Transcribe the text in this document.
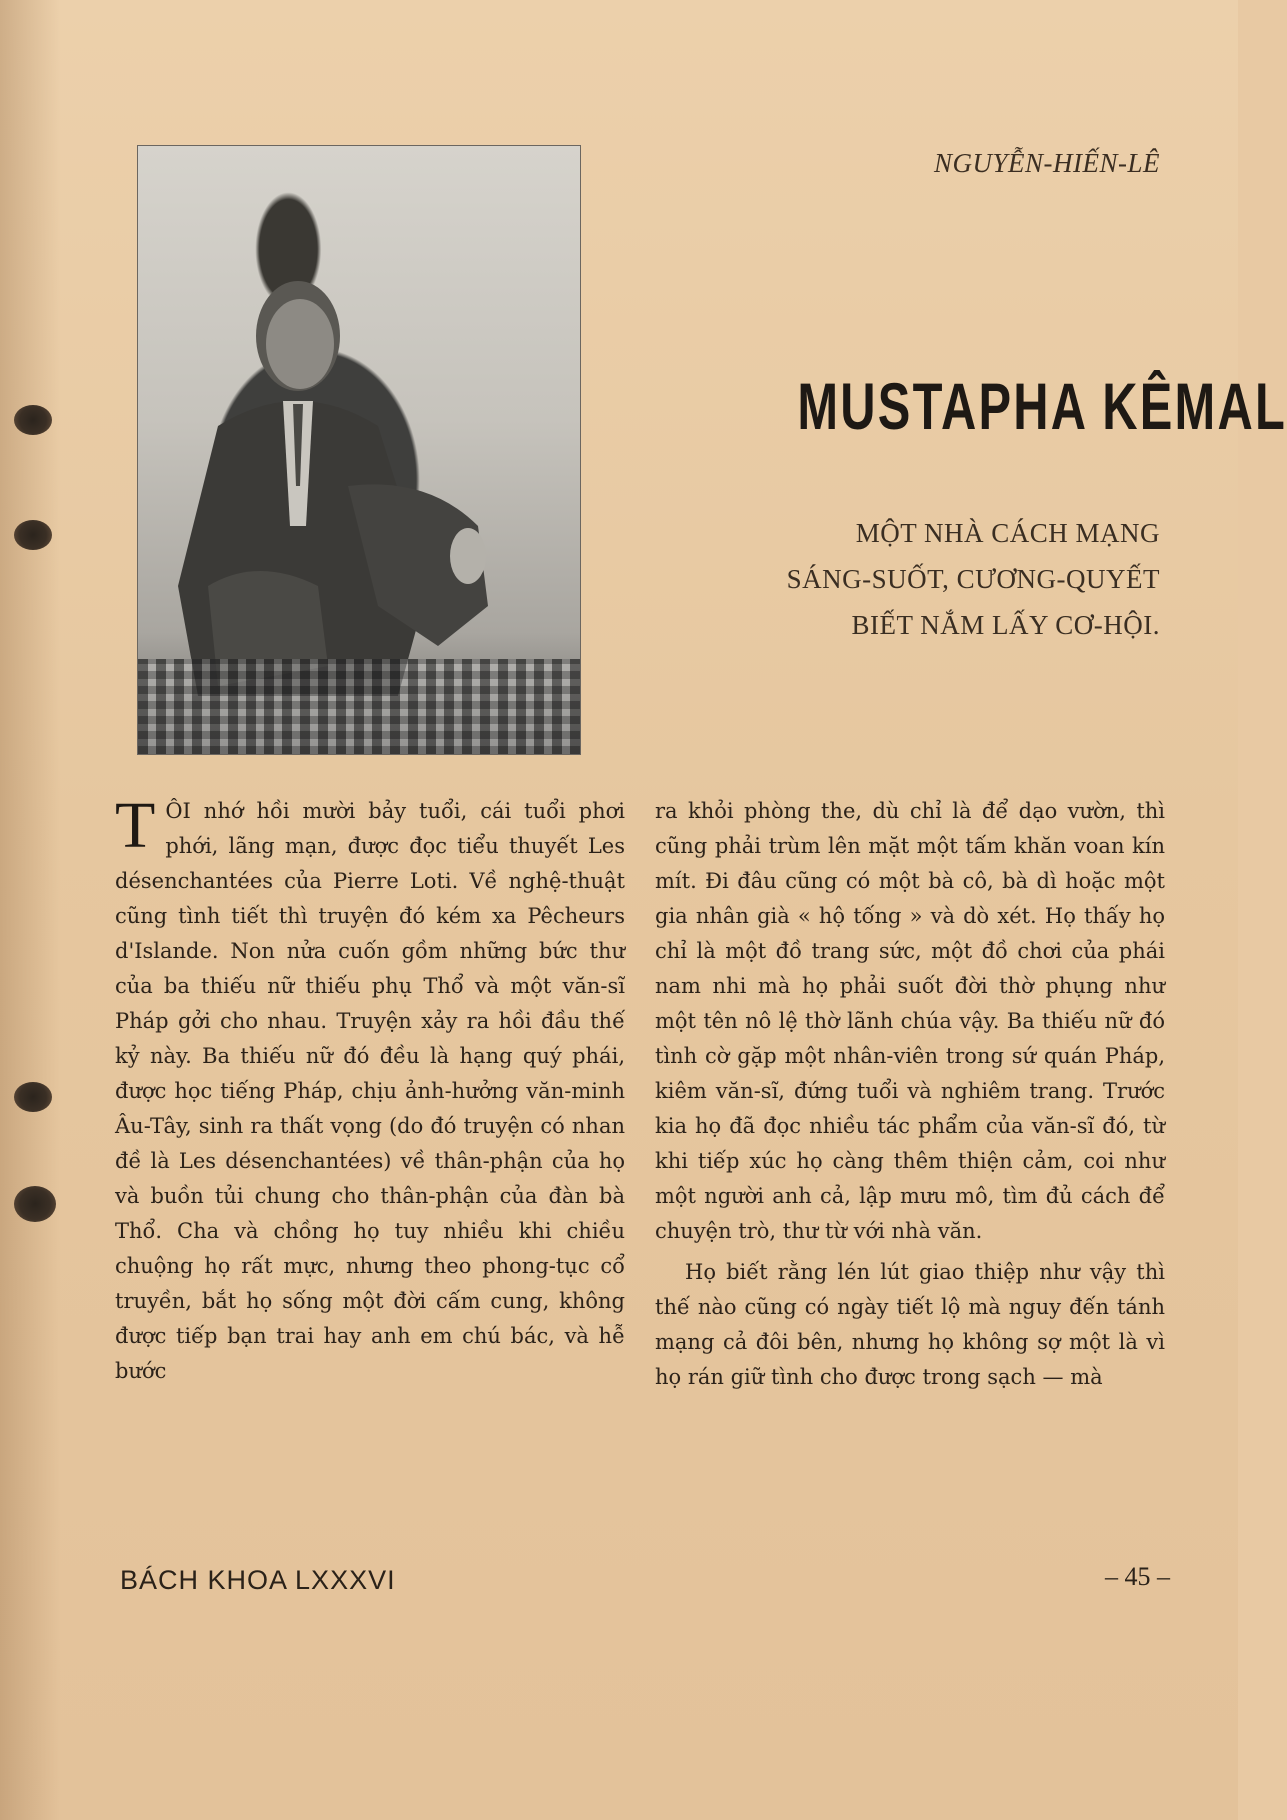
NGUYỄN-HIẾN-LÊ
MUSTAPHA KÊMAL
MỘT NHÀ CÁCH MẠNG
SÁNG-SUỐT, CƯƠNG-QUYẾT
BIẾT NẮM LẤY CƠ-HỘI.
T ÔI nhớ hồi mười bảy tuổi, cái tuổi phơi phới, lãng mạn, được đọc tiểu thuyết Les désenchantées của Pierre Loti. Về nghệ-thuật cũng tình tiết thì truyện đó kém xa Pêcheurs d'Islande. Non nửa cuốn gồm những bức thư của ba thiếu nữ thiếu phụ Thổ và một văn-sĩ Pháp gởi cho nhau. Truyện xảy ra hồi đầu thế kỷ này. Ba thiếu nữ đó đều là hạng quý phái, được học tiếng Pháp, chịu ảnh-hưởng văn-minh Âu-Tây, sinh ra thất vọng (do đó truyện có nhan đề là Les désenchantées) về thân-phận của họ và buồn tủi chung cho thân-phận của đàn bà Thổ. Cha và chồng họ tuy nhiều khi chiều chuộng họ rất mực, nhưng theo phong-tục cổ truyền, bắt họ sống một đời cấm cung, không được tiếp bạn trai hay anh em chú bác, và hễ bước

ra khỏi phòng the, dù chỉ là để dạo vườn, thì cũng phải trùm lên mặt một tấm khăn voan kín mít. Đi đâu cũng có một bà cô, bà dì hoặc một gia nhân già « hộ tống » và dò xét. Họ thấy họ chỉ là một đồ trang sức, một đồ chơi của phái nam nhi mà họ phải suốt đời thờ phụng như một tên nô lệ thờ lãnh chúa vậy. Ba thiếu nữ đó tình cờ gặp một nhân-viên trong sứ quán Pháp, kiêm văn-sĩ, đứng tuổi và nghiêm trang. Trước kia họ đã đọc nhiều tác phẩm của văn-sĩ đó, từ khi tiếp xúc họ càng thêm thiện cảm, coi như một người anh cả, lập mưu mô, tìm đủ cách để chuyện trò, thư từ với nhà văn.

Họ biết rằng lén lút giao thiệp như vậy thì thế nào cũng có ngày tiết lộ mà nguy đến tánh mạng cả đôi bên, nhưng họ không sợ một là vì họ rán giữ tình cho được trong sạch — mà

BÁCH KHOA LXXXVI	– 45 –
